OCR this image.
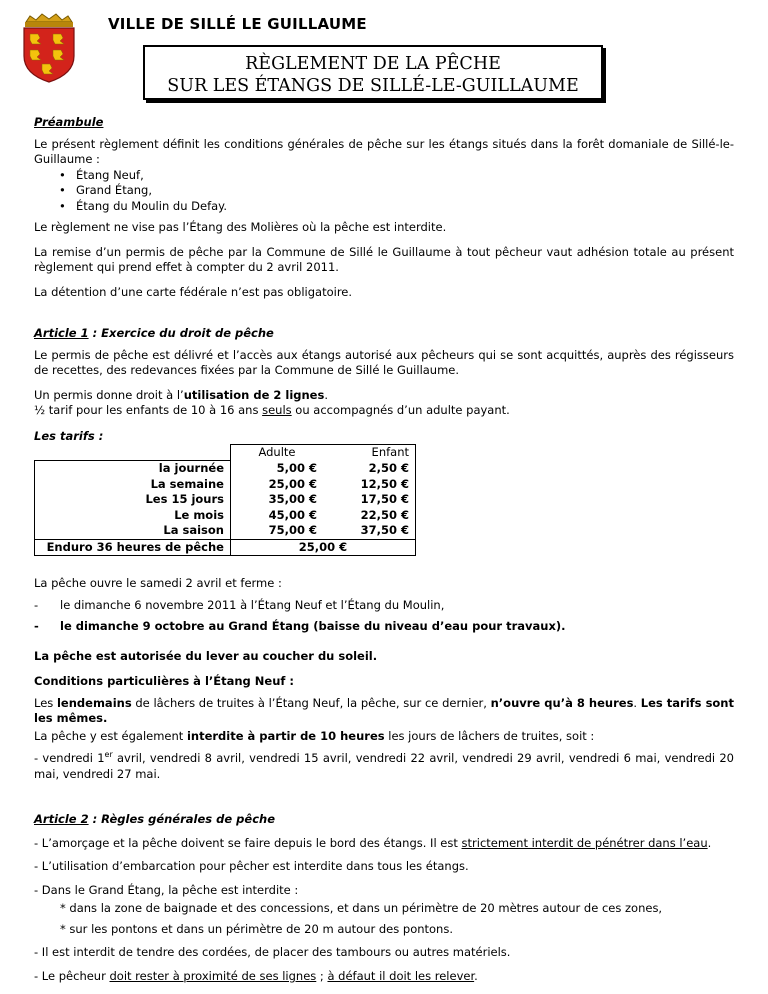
VILLE DE SILLÉ LE GUILLAUME
RÈGLEMENT DE LA PÊCHE
SUR LES ÉTANGS DE SILLÉ-LE-GUILLAUME

Préambule

Le présent règlement définit les conditions générales de pêche sur les étangs situés dans la forêt domaniale de Sillé-le-Guillaume :

• Étang Neuf,
• Grand Étang,
• Étang du Moulin du Defay.

Le règlement ne vise pas l’Étang des Molières où la pêche est interdite.

La remise d’un permis de pêche par la Commune de Sillé le Guillaume à tout pêcheur vaut adhésion totale au présent règlement qui prend effet à compter du 2 avril 2011.

La détention d’une carte fédérale n’est pas obligatoire.

Article 1 : Exercice du droit de pêche

Le permis de pêche est délivré et l’accès aux étangs autorisé aux pêcheurs qui se sont acquittés, auprès des régisseurs de recettes, des redevances fixées par la Commune de Sillé le Guillaume.

Un permis donne droit à l’utilisation de 2 lignes.

½ tarif pour les enfants de 10 à 16 ans seuls ou accompagnés d’un adulte payant.

Les tarifs :

	Adulte	Enfant
la journée	5,00 €	2,50 €
La semaine	25,00 €	12,50 €
Les 15 jours	35,00 €	17,50 €
Le mois	45,00 €	22,50 €
La saison	75,00 €	37,50 €
Enduro 36 heures de pêche	25,00 €	

La pêche ouvre le samedi 2 avril et ferme :

- le dimanche 6 novembre 2011 à l’Étang Neuf et l’Étang du Moulin,
- le dimanche 9 octobre au Grand Étang (baisse du niveau d’eau pour travaux).

La pêche est autorisée du lever au coucher du soleil.

Conditions particulières à l’Étang Neuf :

Les lendemains de lâchers de truites à l’Étang Neuf, la pêche, sur ce dernier, n’ouvre qu’à 8 heures. Les tarifs sont les mêmes.

La pêche y est également interdite à partir de 10 heures les jours de lâchers de truites, soit :

- vendredi 1er avril, vendredi 8 avril, vendredi 15 avril, vendredi 22 avril, vendredi 29 avril, vendredi 6 mai, vendredi 20 mai, vendredi 27 mai.

Article 2 : Règles générales de pêche

- L’amorçage et la pêche doivent se faire depuis le bord des étangs. Il est strictement interdit de pénétrer dans l’eau.

- L’utilisation d’embarcation pour pêcher est interdite dans tous les étangs.

- Dans le Grand Étang, la pêche est interdite :

* dans la zone de baignade et des concessions, et dans un périmètre de 20 mètres autour de ces zones,
* sur les pontons et dans un périmètre de 20 m autour des pontons.

- Il est interdit de tendre des cordées, de placer des tambours ou autres matériels.

- Le pêcheur doit rester à proximité de ses lignes ; à défaut il doit les relever.
